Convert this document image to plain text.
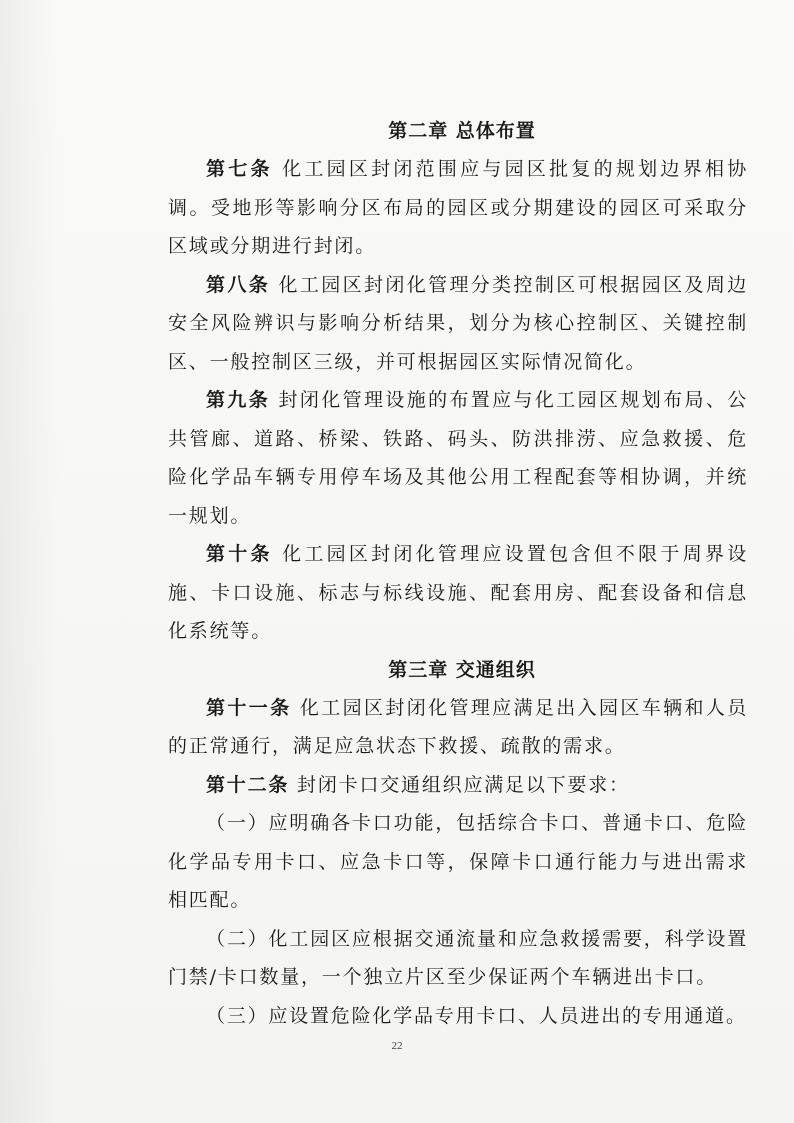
第二章 总体布置

第七条 化工园区封闭范围应与园区批复的规划边界相协调。受地形等影响分区布局的园区或分期建设的园区可采取分区域或分期进行封闭。

第八条 化工园区封闭化管理分类控制区可根据园区及周边安全风险辨识与影响分析结果，划分为核心控制区、关键控制区、一般控制区三级，并可根据园区实际情况简化。

第九条 封闭化管理设施的布置应与化工园区规划布局、公共管廊、道路、桥梁、铁路、码头、防洪排涝、应急救援、危险化学品车辆专用停车场及其他公用工程配套等相协调，并统一规划。

第十条 化工园区封闭化管理应设置包含但不限于周界设施、卡口设施、标志与标线设施、配套用房、配套设备和信息化系统等。

第三章 交通组织

第十一条 化工园区封闭化管理应满足出入园区车辆和人员的正常通行，满足应急状态下救援、疏散的需求。

第十二条 封闭卡口交通组织应满足以下要求：

（一）应明确各卡口功能，包括综合卡口、普通卡口、危险化学品专用卡口、应急卡口等，保障卡口通行能力与进出需求相匹配。

（二）化工园区应根据交通流量和应急救援需要，科学设置门禁/卡口数量，一个独立片区至少保证两个车辆进出卡口。

（三）应设置危险化学品专用卡口、人员进出的专用通道。

22
